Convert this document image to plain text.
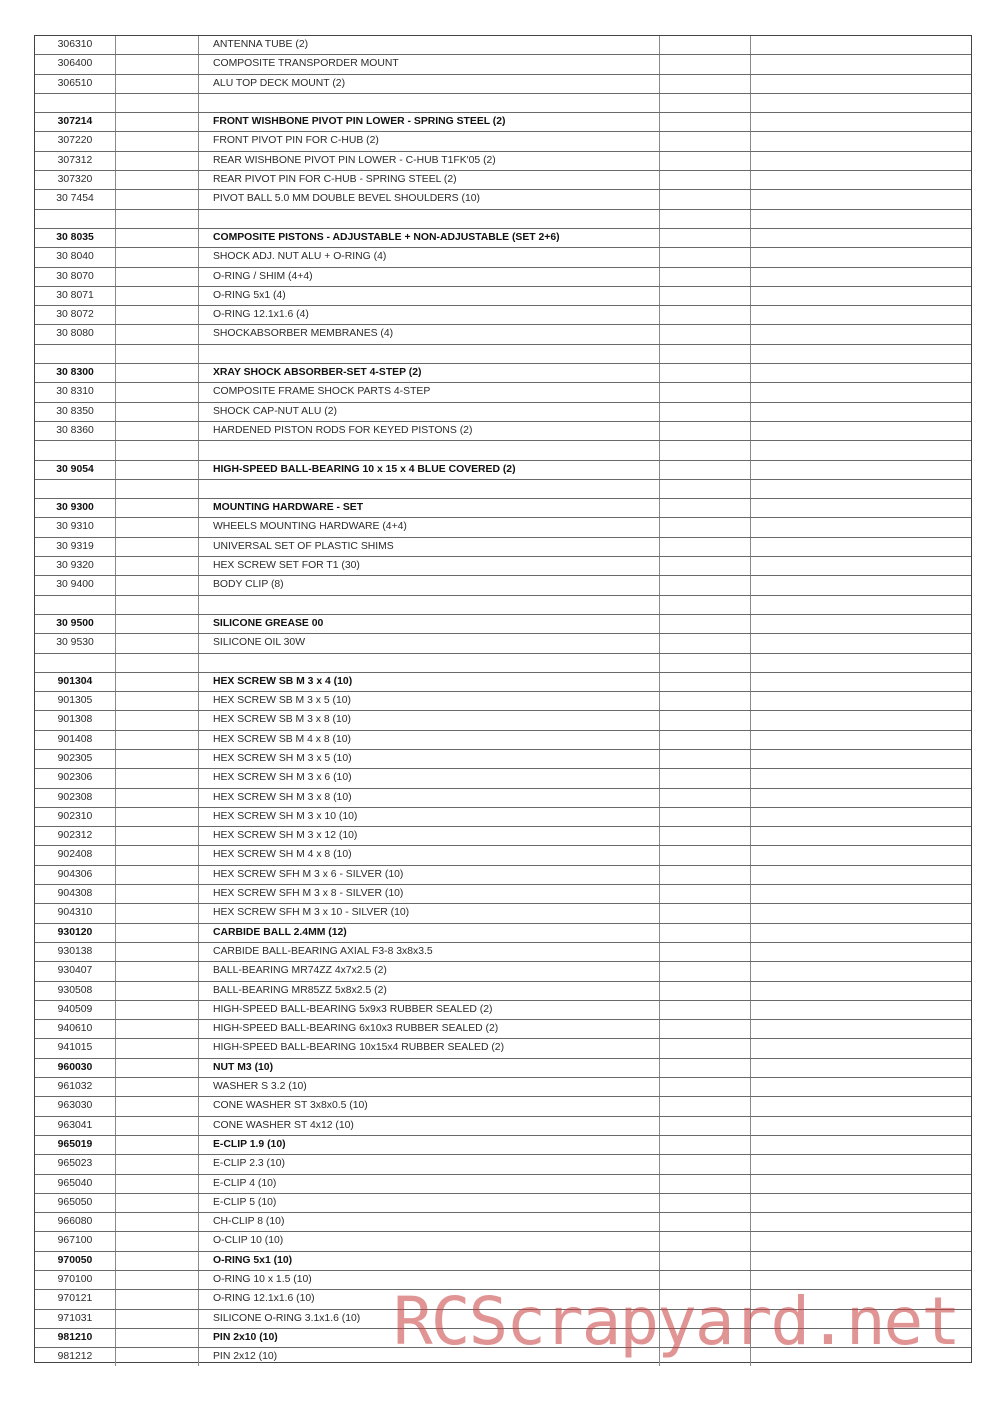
306310		ANTENNA TUBE (2)		
306400		COMPOSITE TRANSPORDER MOUNT		
306510		ALU TOP DECK MOUNT (2)		

307214		FRONT WISHBONE PIVOT PIN LOWER - SPRING STEEL (2)		
307220		FRONT PIVOT PIN FOR C-HUB (2)		
307312		REAR WISHBONE PIVOT PIN LOWER - C-HUB T1FK'05 (2)		
307320		REAR PIVOT PIN FOR C-HUB - SPRING STEEL (2)		
30 7454		PIVOT BALL 5.0 MM DOUBLE BEVEL SHOULDERS (10)		

30 8035		COMPOSITE PISTONS - ADJUSTABLE + NON-ADJUSTABLE (SET 2+6)		
30 8040		SHOCK ADJ. NUT ALU + O-RING (4)		
30 8070		O-RING / SHIM (4+4)		
30 8071		O-RING 5x1 (4)		
30 8072		O-RING 12.1x1.6 (4)		
30 8080		SHOCKABSORBER MEMBRANES (4)		

30 8300		XRAY SHOCK ABSORBER-SET 4-STEP (2)		
30 8310		COMPOSITE FRAME SHOCK PARTS 4-STEP		
30 8350		SHOCK CAP-NUT ALU (2)		
30 8360		HARDENED PISTON RODS FOR KEYED PISTONS (2)		

30 9054		HIGH-SPEED BALL-BEARING 10 x 15 x 4 BLUE COVERED (2)		

30 9300		MOUNTING HARDWARE - SET		
30 9310		WHEELS MOUNTING HARDWARE (4+4)		
30 9319		UNIVERSAL SET OF PLASTIC SHIMS		
30 9320		HEX SCREW SET FOR T1 (30)		
30 9400		BODY CLIP (8)		

30 9500		SILICONE GREASE 00		
30 9530		SILICONE OIL 30W		

901304		HEX SCREW SB M 3 x 4 (10)		
901305		HEX SCREW SB M 3 x 5 (10)		
901308		HEX SCREW SB M 3 x 8 (10)		
901408		HEX SCREW SB M 4 x 8 (10)		
902305		HEX SCREW SH M 3 x 5 (10)		
902306		HEX SCREW SH M 3 x 6 (10)		
902308		HEX SCREW SH M 3 x 8 (10)		
902310		HEX SCREW SH M 3 x 10 (10)		
902312		HEX SCREW SH M 3 x 12 (10)		
902408		HEX SCREW SH M 4 x 8 (10)		
904306		HEX SCREW SFH M 3 x 6 - SILVER (10)		
904308		HEX SCREW SFH M 3 x 8 - SILVER (10)		
904310		HEX SCREW SFH M 3 x 10 - SILVER (10)		
930120		CARBIDE BALL 2.4MM (12)		
930138		CARBIDE BALL-BEARING AXIAL F3-8 3x8x3.5		
930407		BALL-BEARING MR74ZZ 4x7x2.5 (2)		
930508		BALL-BEARING MR85ZZ 5x8x2.5 (2)		
940509		HIGH-SPEED BALL-BEARING 5x9x3 RUBBER SEALED (2)		
940610		HIGH-SPEED BALL-BEARING 6x10x3 RUBBER SEALED (2)		
941015		HIGH-SPEED BALL-BEARING 10x15x4 RUBBER SEALED (2)		
960030		NUT M3 (10)		
961032		WASHER S 3.2 (10)		
963030		CONE WASHER ST 3x8x0.5 (10)		
963041		CONE WASHER ST 4x12 (10)		
965019		E-CLIP 1.9 (10)		
965023		E-CLIP 2.3 (10)		
965040		E-CLIP 4 (10)		
965050		E-CLIP 5 (10)		
966080		CH-CLIP 8 (10)		
967100		O-CLIP 10 (10)		
970050		O-RING 5x1 (10)		
970100		O-RING 10 x 1.5 (10)		
970121		O-RING 12.1x1.6 (10)		
971031		SILICONE O-RING 3.1x1.6 (10)		
981210		PIN 2x10 (10)		
981212		PIN 2x12 (10)		RCScrapyard.net
